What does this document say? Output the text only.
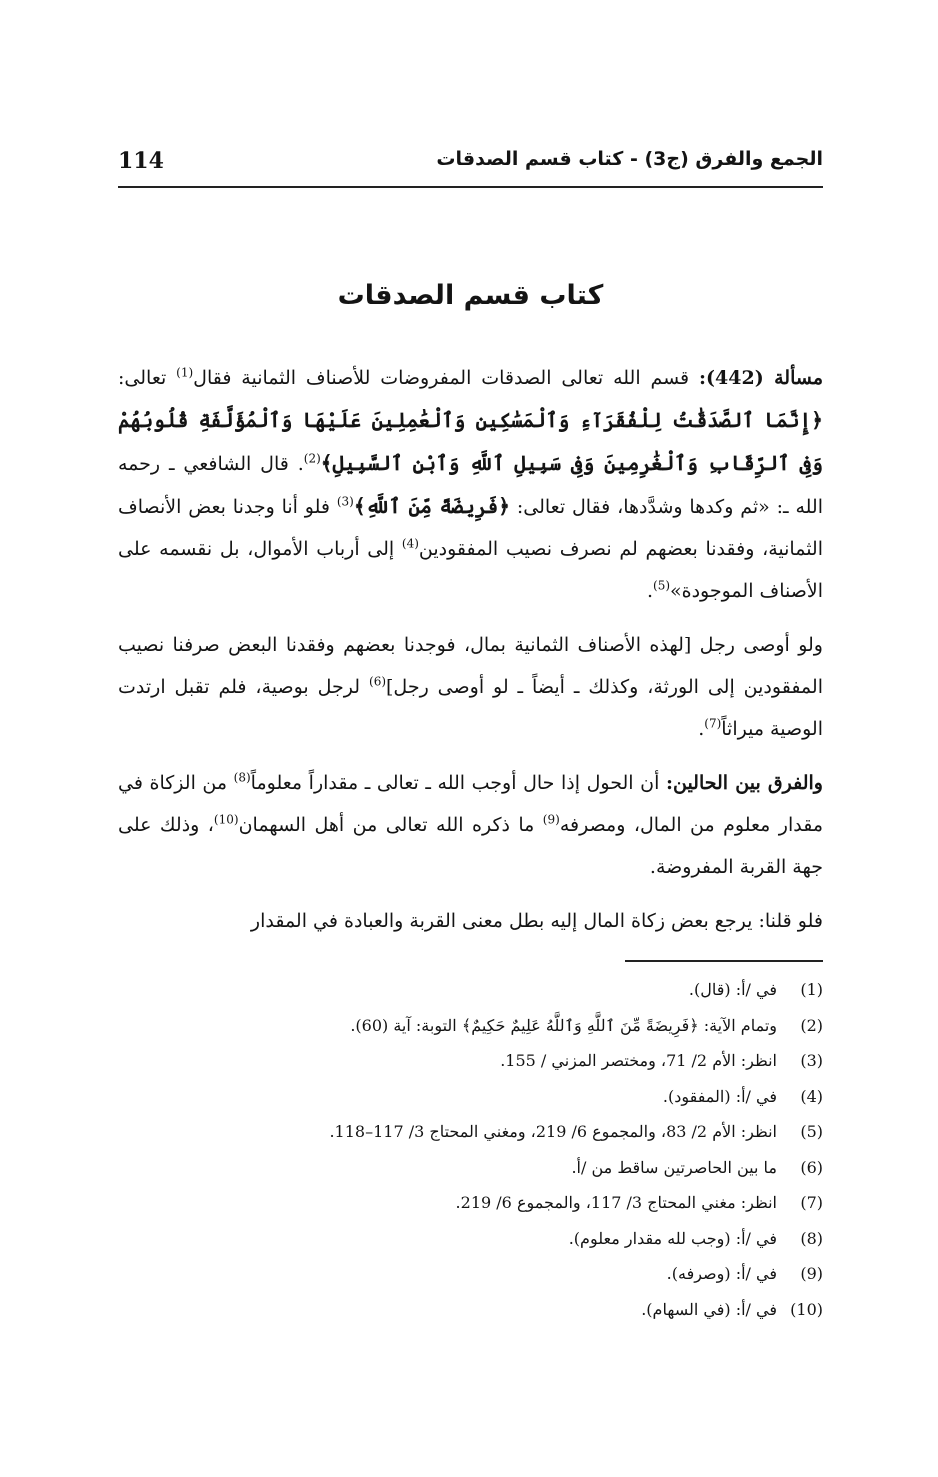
114	الجمع والفرق (ج3) - كتاب قسم الصدقات
كتاب قسم الصدقات

مسألة (442): قسم الله تعالى الصدقات المفروضات للأصناف الثمانية فقال$^{(1)}$ تعالى: ﴿إِنَّمَا ٱلصَّدَقَٰتُ لِلْفُقَرَآءِ وَٱلْمَسَٰكِينِ وَٱلْعَٰمِلِينَ عَلَيْهَا وَٱلْمُؤَلَّفَةِ قُلُوبُهُمْ وَفِى ٱلرِّقَابِ وَٱلْغَٰرِمِينَ وَفِى سَبِيلِ ٱللَّهِ وَٱبْنِ ٱلسَّبِيلِ﴾$^{(2)}$. قال الشافعي ـ رحمه الله ـ: «ثم وكدها وشدَّدها، فقال تعالى: ﴿فَرِيضَةً مِّنَ ٱللَّهِ﴾$^{(3)}$ فلو أنا وجدنا بعض الأنصاف الثمانية، وفقدنا بعضهم لم نصرف نصيب المفقودين$^{(4)}$ إلى أرباب الأموال، بل نقسمه على الأصناف الموجودة»$^{(5)}$.

ولو أوصى رجل [لهذه الأصناف الثمانية بمال، فوجدنا بعضهم وفقدنا البعض صرفنا نصيب المفقودين إلى الورثة، وكذلك ـ أيضاً ـ لو أوصى رجل]$^{(6)}$ لرجل بوصية، فلم تقبل ارتدت الوصية ميراثاً$^{(7)}$.

والفرق بين الحالين: أن الحول إذا حال أوجب الله ـ تعالى ـ مقداراً معلوماً$^{(8)}$ من الزكاة في مقدار معلوم من المال، ومصرفه$^{(9)}$ ما ذكره الله تعالى من أهل السهمان$^{(10)}$، وذلك على جهة القربة المفروضة.

فلو قلنا: يرجع بعض زكاة المال إليه بطل معنى القربة والعبادة في المقدار

(1)
في /أ: (قال).
(2)
وتمام الآية: ﴿فَرِيضَةً مِّنَ ٱللَّهِ وَٱللَّهُ عَلِيمٌ حَكِيمٌ﴾ التوبة: آية (60).
(3)
انظر: الأم 2/ 71، ومختصر المزني / 155.
(4)
في /أ: (المفقود).
(5)
انظر: الأم 2/ 83، والمجموع 6/ 219، ومغني المحتاج 3/ 117–118.
(6)
ما بين الحاصرتين ساقط من /أ.
(7)
انظر: مغني المحتاج 3/ 117، والمجموع 6/ 219.
(8)
في /أ: (وجب لله مقدار معلوم).
(9)
في /أ: (وصرفه).
(10)
في /أ: (في السهام).
